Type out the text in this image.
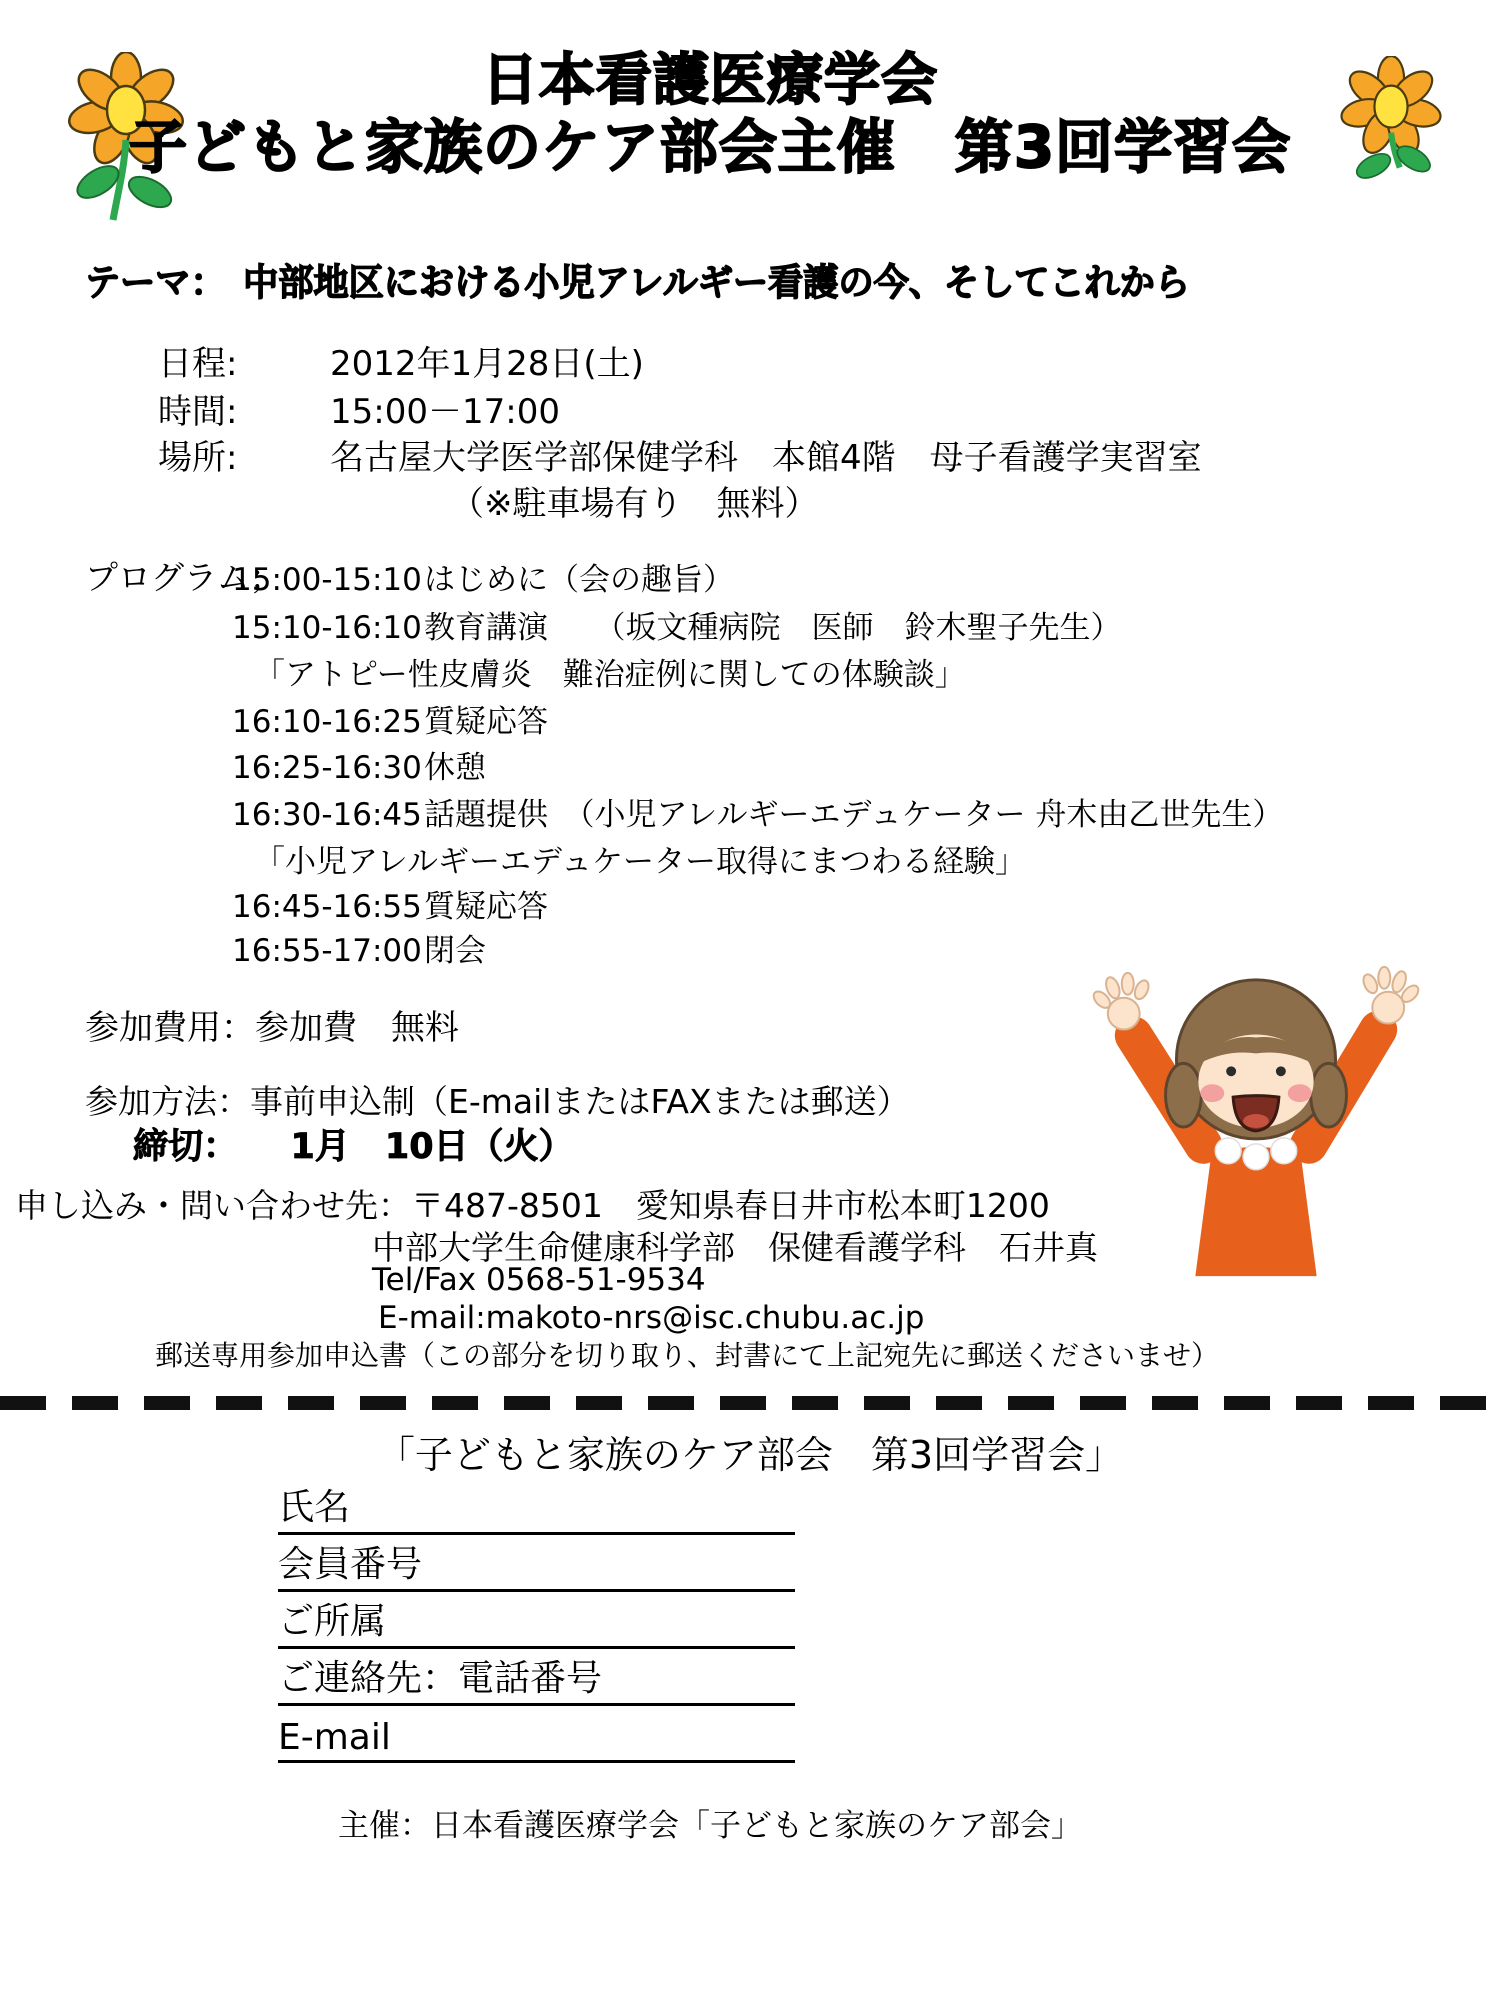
日本看護医療学会
子どもと家族のケア部会主催　第3回学習会
テーマ：　中部地区における小児アレルギー看護の今、そしてこれから
日程:	2012年1月28日(土)
時間:	15:00－17:00
場所:	名古屋大学医学部保健学科　本館4階　母子看護学実習室
（※駐車場有り　無料）
プログラム；
15:00-15:10はじめに（会の趣旨）
15:10-16:10教育講演　　（坂文種病院　医師　鈴木聖子先生）
「アトピー性皮膚炎　難治症例に関しての体験談」
16:10-16:25質疑応答
16:25-16:30休憩
16:30-16:45話題提供　（小児アレルギーエデュケーター 舟木由乙世先生）
「小児アレルギーエデュケーター取得にまつわる経験」
16:45-16:55質疑応答
16:55-17:00閉会
参加費用：参加費　無料
参加方法：事前申込制（E-mailまたはFAXまたは郵送）
締切：　　1月　10日（火）
申し込み・問い合わせ先：〒487-8501　愛知県春日井市松本町1200
中部大学生命健康科学部　保健看護学科　石井真
Tel/Fax 0568-51-9534
E-mail:makoto-nrs@isc.chubu.ac.jp
郵送専用参加申込書（この部分を切り取り、封書にて上記宛先に郵送くださいませ）
「子どもと家族のケア部会　第3回学習会」
氏名
会員番号
ご所属
ご連絡先：電話番号
E-mail
主催：日本看護医療学会「子どもと家族のケア部会」
